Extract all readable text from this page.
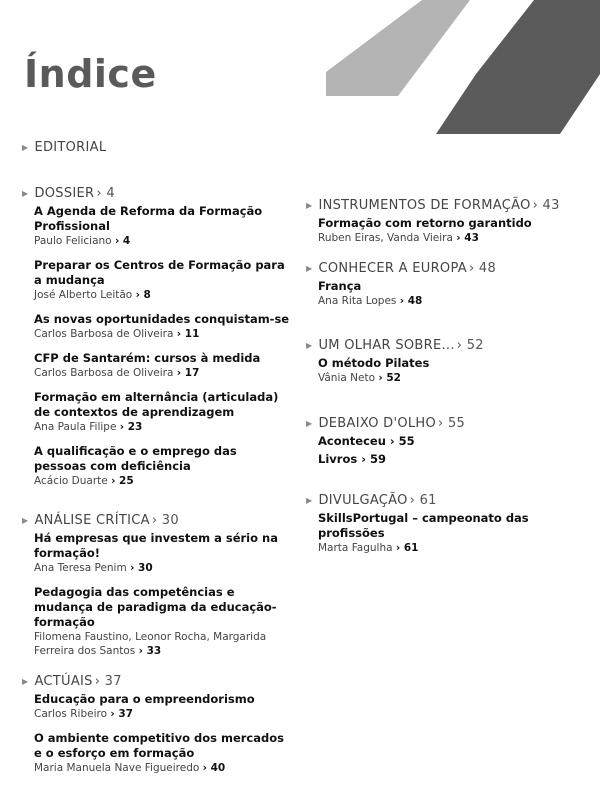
Índice
▶ EDITORIAL
▶ DOSSIER › 4
A Agenda de Reforma da Formação Profissional
Paulo Feliciano › 4
Preparar os Centros de Formação para a mudança
José Alberto Leitão › 8
As novas oportunidades conquistam-se
Carlos Barbosa de Oliveira › 11
CFP de Santarém: cursos à medida
Carlos Barbosa de Oliveira › 17
Formação em alternância (articulada) de contextos de aprendizagem
Ana Paula Filipe › 23
A qualificação e o emprego das pessoas com deficiência
Acácio Duarte › 25
▶ ANÁLISE CRÍTICA › 30
Há empresas que investem a sério na formação!
Ana Teresa Penim › 30
Pedagogia das competências e mudança de paradigma da educação-formação
Filomena Faustino, Leonor Rocha, Margarida Ferreira dos Santos › 33
▶ ACTÚAIS › 37
Educação para o empreendorismo
Carlos Ribeiro › 37
O ambiente competitivo dos mercados e o esforço em formação
Maria Manuela Nave Figueiredo › 40
▶ INSTRUMENTOS DE FORMAÇÃO › 43
Formação com retorno garantido
Ruben Eiras, Vanda Vieira › 43
▶ CONHECER A EUROPA › 48
França
Ana Rita Lopes › 48
▶ UM OLHAR SOBRE... › 52
O método Pilates
Vânia Neto › 52
▶ DEBAIXO D'OLHO › 55
Aconteceu › 55
Livros › 59
▶ DIVULGAÇÃO › 61
SkillsPortugal – campeonato das profissões
Marta Fagulha › 61
